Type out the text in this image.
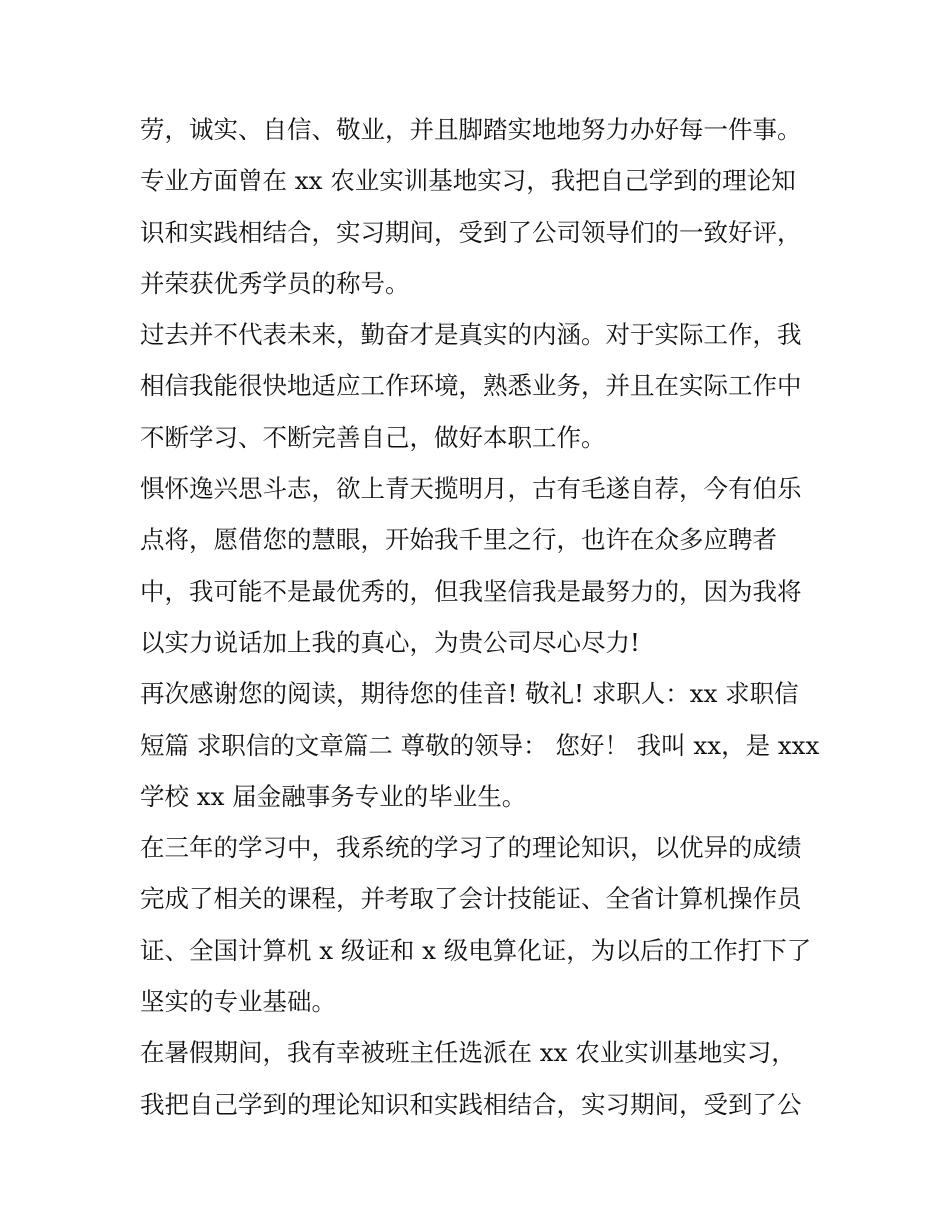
劳，诚实、自信、敬业，并且脚踏实地地努力办好每一件事。
专业方面曾在 xx 农业实训基地实习，我把自己学到的理论知
识和实践相结合，实习期间，受到了公司领导们的一致好评，
并荣获优秀学员的称号。
过去并不代表未来，勤奋才是真实的内涵。对于实际工作，我
相信我能很快地适应工作环境，熟悉业务，并且在实际工作中
不断学习、不断完善自己，做好本职工作。
惧怀逸兴思斗志，欲上青天揽明月，古有毛遂自荐，今有伯乐
点将，愿借您的慧眼，开始我千里之行，也许在众多应聘者
中，我可能不是最优秀的，但我坚信我是最努力的，因为我将
以实力说话加上我的真心，为贵公司尽心尽力!
再次感谢您的阅读，期待您的佳音! 敬礼! 求职人：xx 求职信
短篇 求职信的文章篇二 尊敬的领导： 您好！ 我叫 xx，是 xxx
学校 xx 届金融事务专业的毕业生。
在三年的学习中，我系统的学习了的理论知识，以优异的成绩
完成了相关的课程，并考取了会计技能证、全省计算机操作员
证、全国计算机 x 级证和 x 级电算化证，为以后的工作打下了
坚实的专业基础。
在暑假期间，我有幸被班主任选派在 xx 农业实训基地实习，
我把自己学到的理论知识和实践相结合，实习期间，受到了公
